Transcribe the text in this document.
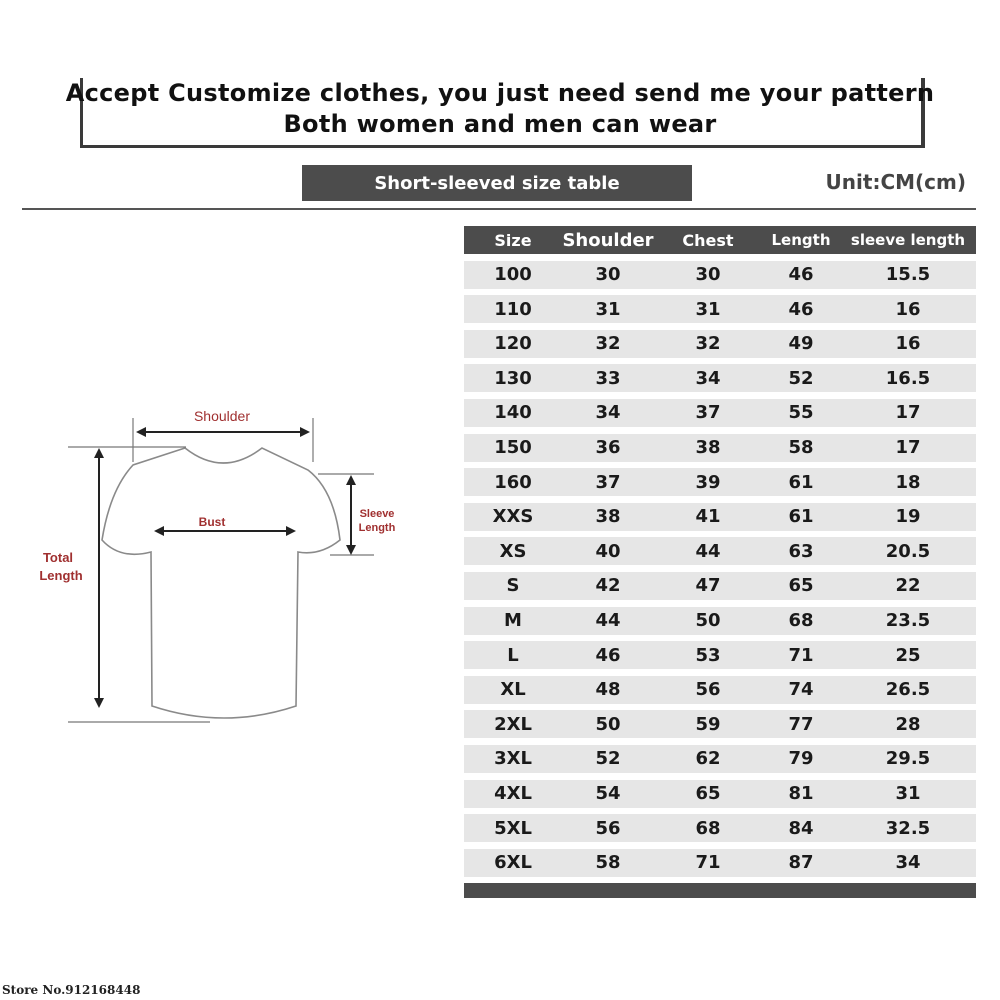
Accept Customize clothes, you just need send me your pattern
Both women and men can wear
Short-sleeved size table	Unit:CM(cm)
Shoulder
Bust
Sleeve
Length
Total
Length
Size	Shoulder	Chest	Length	sleeve length
100	30	30	46	15.5
110	31	31	46	16
120	32	32	49	16
130	33	34	52	16.5
140	34	37	55	17
150	36	38	58	17
160	37	39	61	18
XXS	38	41	61	19
XS	40	44	63	20.5
S	42	47	65	22
M	44	50	68	23.5
L	46	53	71	25
XL	48	56	74	26.5
2XL	50	59	77	28
3XL	52	62	79	29.5
4XL	54	65	81	31
5XL	56	68	84	32.5
6XL	58	71	87	34
Store No.912168448
